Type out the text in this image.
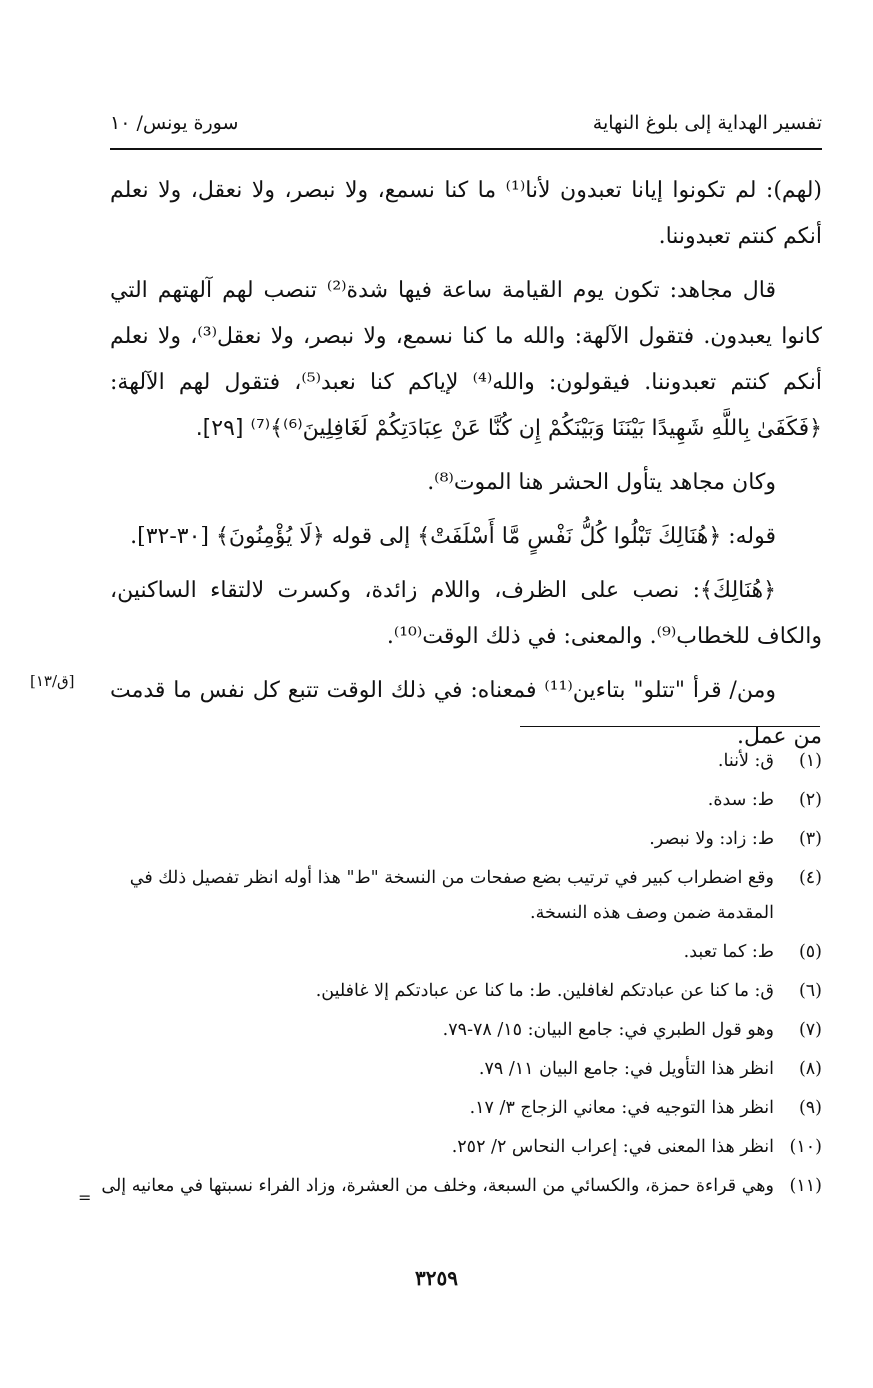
تفسير الهداية إلى بلوغ النهاية
سورة يونس/ ١٠

(لهم): لم تكونوا إيانا تعبدون لأنا⁽¹⁾ ما كنا نسمع، ولا نبصر، ولا نعقل، ولا نعلم أنكم كنتم تعبدوننا.

قال مجاهد: تكون يوم القيامة ساعة فيها شدة⁽²⁾ تنصب لهم آلهتهم التي كانوا يعبدون. فتقول الآلهة: والله ما كنا نسمع، ولا نبصر، ولا نعقل⁽³⁾، ولا نعلم أنكم كنتم تعبدوننا. فيقولون: والله⁽⁴⁾ لإياكم كنا نعبد⁽⁵⁾، فتقول لهم الآلهة: ﴿فَكَفَىٰ بِاللَّهِ شَهِيدًا بَيْنَنَا وَبَيْنَكُمْ إِن كُنَّا عَنْ عِبَادَتِكُمْ لَغَافِلِينَ⁽⁶⁾﴾⁽⁷⁾ [٢٩].

وكان مجاهد يتأول الحشر هنا الموت⁽⁸⁾.

قوله: ﴿هُنَالِكَ تَبْلُوا كُلُّ نَفْسٍ مَّا أَسْلَفَتْ﴾ إلى قوله ﴿لَا يُؤْمِنُونَ﴾ [٣٠-٣٢].

﴿هُنَالِكَ﴾: نصب على الظرف، واللام زائدة، وكسرت لالتقاء الساكنين، والكاف للخطاب⁽⁹⁾. والمعنى: في ذلك الوقت⁽¹⁰⁾.

ومن/ قرأ "تتلو" بتاءين⁽¹¹⁾ فمعناه: في ذلك الوقت تتبع كل نفس ما قدمت من عمل.

[ق/١٣]
(١)
ق: لأننا.
(٢)
ط: سدة.
(٣)
ط: زاد: ولا نبصر.
(٤)
وقع اضطراب كبير في ترتيب بضع صفحات من النسخة "ط" هذا أوله انظر تفصيل ذلك في المقدمة ضمن وصف هذه النسخة.
(٥)
ط: كما تعبد.
(٦)
ق: ما كنا عن عبادتكم لغافلين. ط: ما كنا عن عبادتكم إلا غافلين.
(٧)
وهو قول الطبري في: جامع البيان: ١٥/ ٧٨-٧٩.
(٨)
انظر هذا التأويل في: جامع البيان ١١/ ٧٩.
(٩)
انظر هذا التوجيه في: معاني الزجاج ٣/ ١٧.
(١٠)
انظر هذا المعنى في: إعراب النحاس ٢/ ٢٥٢.
(١١)
وهي قراءة حمزة، والكسائي من السبعة، وخلف من العشرة، وزاد الفراء نسبتها في معانيه إلى
=
٣٢٥٩
